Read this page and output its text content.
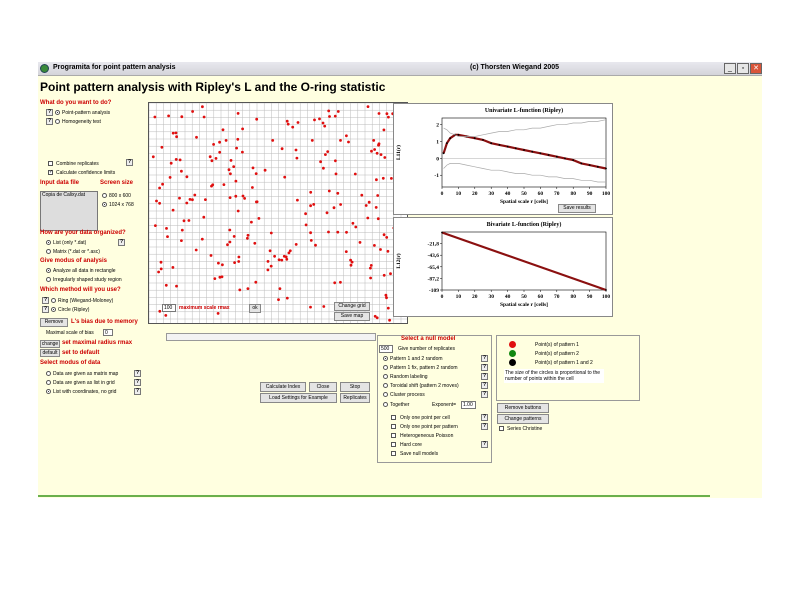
Programita for point pattern analysis	(c) Thorsten Wiegand 2005	_	▫	✕
Point pattern analysis with Ripley's L and the O-ring statistic
What do you want to do?
?	Point-pattern analysis
?	Homogeneity test
Combine replicates	?
✓ Calculate confidence limits
Input data file	Screen size
Copia de Calixy.dat	800 x 600
1024 x 768
How are your data organized?
List (only *.dat)	?
Matrix (*.dat or *.asc)
Give modus of analysis
Analyze all data in rectangle
Irregularly shaped study region
Which method will you use?
?	Ring (Wiegand-Moloney)
?	Circle (Ripley)
Remove	L's bias due to memory
Maximal scale of bias	0
change set maximal radius rmax
default set to default
Select modus of data
Data are given as matrix map	?
Data are given as list in grid	?
List with coordinates, no grid	?
100	maximum scale rmax	ok	Change grid
Save map
Univariate L-function (Ripley)
0 10 20 30 40 50 60 70 80 90 100
2
1
0
-1
Spatial scale r [cells]
L11(r)
Save results
Bivariate L-function (Ripley)
0 10 20 30 40 50 60 70 80 90 100
-21,8
-43,6
-65,4
-87,2
-109
Spatial scale r [cells]
L12(r)
Calculate Index	Close	Stop
Load Settings for Example	Replicates
Select a null model
500	Give number of replicates
Pattern 1 and 2 random	?
Pattern 1 fix, pattern 2 random	?
Random labeling	?
Toroidal shift (pattern 2 moves)	?
Cluster process	?
Together	Exponent=	1.00
Only one point per cell	?
Only one point per pattern	?
Heterogeneous Poisson
Hard core	?
Save null models
Point(s) of pattern 1
Point(s) of pattern 2
Point(s) of pattern 1 and 2
The size of the circles is proportional to the number of points within the cell
Remove buttons
Change patterns
Series Christine
